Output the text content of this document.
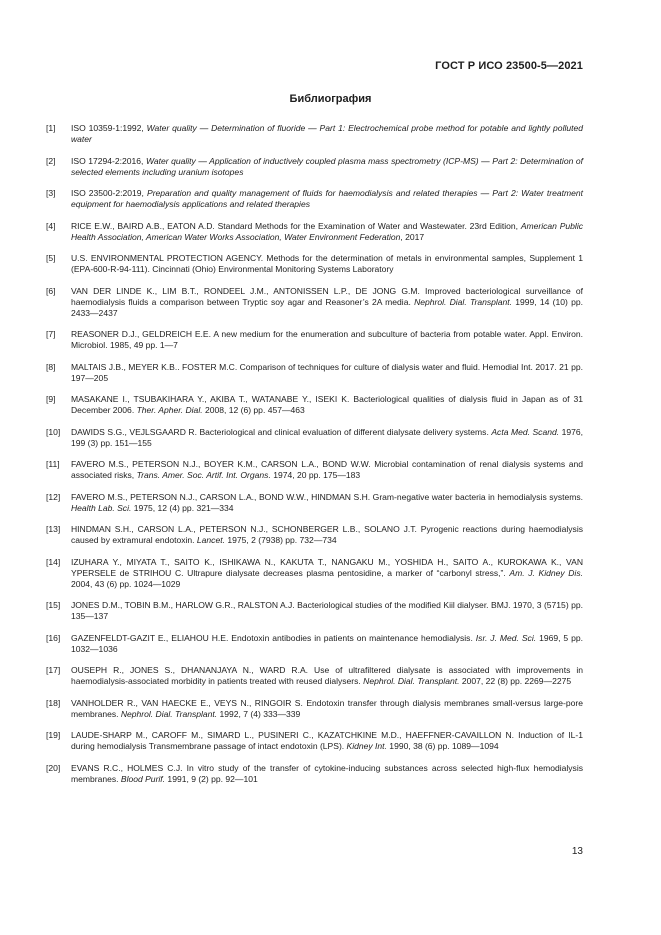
ГОСТ Р ИСО 23500-5—2021
Библиография
[1]	ISO 10359-1:1992, Water quality — Determination of fluoride — Part 1: Electrochemical probe method for potable and lightly polluted water
[2]	ISO 17294-2:2016, Water quality — Application of inductively coupled plasma mass spectrometry (ICP-MS) — Part 2: Determination of selected elements including uranium isotopes
[3]	ISO 23500-2:2019, Preparation and quality management of fluids for haemodialysis and related therapies — Part 2: Water treatment equipment for haemodialysis applications and related therapies
[4]	RICE E.W., BAIRD A.B., EATON A.D. Standard Methods for the Examination of Water and Wastewater. 23rd Edition, American Public Health Association, American Water Works Association, Water Environment Federation, 2017
[5]	U.S. ENVIRONMENTAL PROTECTION AGENCY. Methods for the determination of metals in environmental samples, Supplement 1 (EPA-600-R-94-111). Cincinnati (Ohio) Environmental Monitoring Systems Laboratory
[6]	VAN DER LINDE K., LIM B.T., RONDEEL J.M., ANTONISSEN L.P., DE JONG G.M. Improved bacteriological surveillance of haemodialysis fluids a comparison between Tryptic soy agar and Reasoner’s 2A media. Nephrol. Dial. Transplant. 1999, 14 (10) pp. 2433—2437
[7]	REASONER D.J., GELDREICH E.E. A new medium for the enumeration and subculture of bacteria from potable water. Appl. Environ. Microbiol. 1985, 49 pp. 1—7
[8]	MALTAIS J.B., MEYER K.B.. FOSTER M.C. Comparison of techniques for culture of dialysis water and fluid. Hemodial Int. 2017. 21 pp. 197—205
[9]	MASAKANE I., TSUBAKIHARA Y., AKIBA T., WATANABE Y., ISEKI K. Bacteriological qualities of dialysis fluid in Japan as of 31 December 2006. Ther. Apher. Dial. 2008, 12 (6) pp. 457—463
[10]	DAWIDS S.G., VEJLSGAARD R. Bacteriological and clinical evaluation of different dialysate delivery systems. Acta Med. Scand. 1976, 199 (3) pp. 151—155
[11]	FAVERO M.S., PETERSON N.J., BOYER K.M., CARSON L.A., BOND W.W. Microbial contamination of renal dialysis systems and associated risks, Trans. Amer. Soc. Artif. Int. Organs. 1974, 20 pp. 175—183
[12]	FAVERO M.S., PETERSON N.J., CARSON L.A., BOND W.W., HINDMAN S.H. Gram-negative water bacteria in hemodialysis systems. Health Lab. Sci. 1975, 12 (4) pp. 321—334
[13]	HINDMAN S.H., CARSON L.A., PETERSON N.J., SCHONBERGER L.B., SOLANO J.T. Pyrogenic reactions during haemodialysis caused by extramural endotoxin. Lancet. 1975, 2 (7938) pp. 732—734
[14]	IZUHARA Y., MIYATA T., SAITO K., ISHIKAWA N., KAKUTA T., NANGAKU M., YOSHIDA H., SAITO A., KUROKAWA K., VAN YPERSELE de STRIHOU C. Ultrapure dialysate decreases plasma pentosidine, a marker of “carbonyl stress,”. Am. J. Kidney Dis. 2004, 43 (6) pp. 1024—1029
[15]	JONES D.M., TOBIN B.M., HARLOW G.R., RALSTON A.J. Bacteriological studies of the modified Kiil dialyser. BMJ. 1970, 3 (5715) pp. 135—137
[16]	GAZENFELDT-GAZIT E., ELIAHOU H.E. Endotoxin antibodies in patients on maintenance hemodialysis. Isr. J. Med. Sci. 1969, 5 pp. 1032—1036
[17]	OUSEPH R., JONES S., DHANANJAYA N., WARD R.A. Use of ultrafiltered dialysate is associated with improvements in haemodialysis-associated morbidity in patients treated with reused dialysers. Nephrol. Dial. Transplant. 2007, 22 (8) pp. 2269—2275
[18]	VANHOLDER R., VAN HAECKE E., VEYS N., RINGOIR S. Endotoxin transfer through dialysis membranes small-versus large-pore membranes. Nephrol. Dial. Transplant. 1992, 7 (4) 333—339
[19]	LAUDE-SHARP M., CAROFF M., SIMARD L., PUSINERI C., KAZATCHKINE M.D., HAEFFNER-CAVAILLON N. Induction of IL-1 during hemodialysis Transmembrane passage of intact endotoxin (LPS). Kidney Int. 1990, 38 (6) pp. 1089—1094
[20]	EVANS R.C., HOLMES C.J. In vitro study of the transfer of cytokine-inducing substances across selected high-flux hemodialysis membranes. Blood Purif. 1991, 9 (2) pp. 92—101
13
